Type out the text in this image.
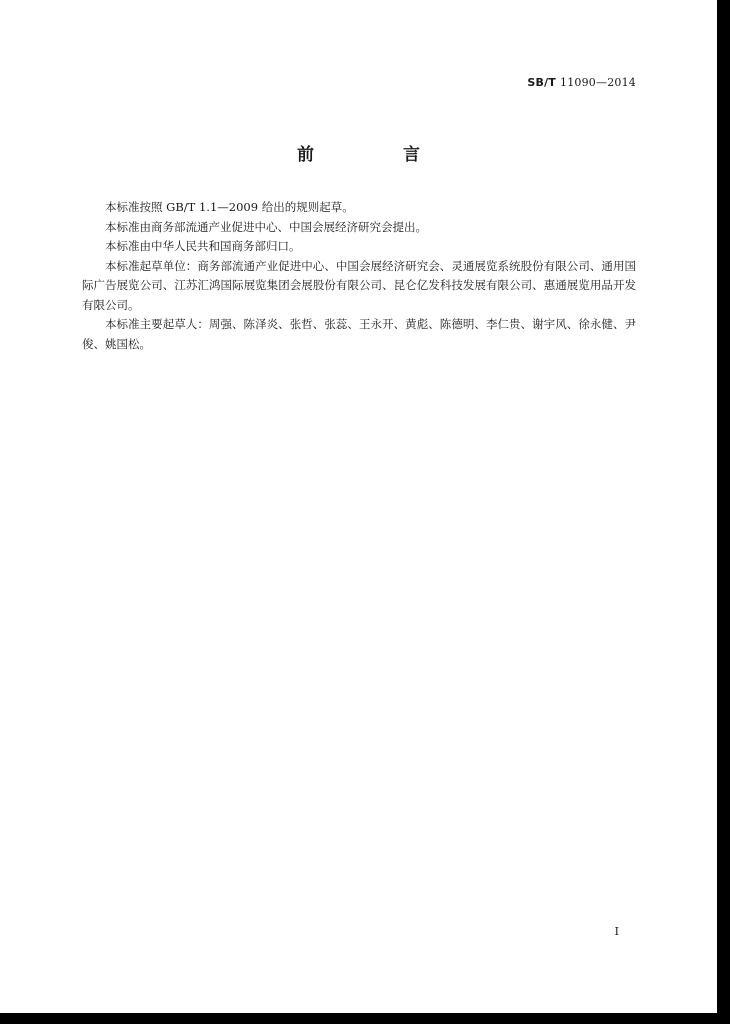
SB/T 11090—2014
前　言

本标准按照 GB/T 1.1—2009 给出的规则起草。

本标准由商务部流通产业促进中心、中国会展经济研究会提出。

本标准由中华人民共和国商务部归口。

本标准起草单位：商务部流通产业促进中心、中国会展经济研究会、灵通展览系统股份有限公司、通用国际广告展览公司、江苏汇鸿国际展览集团会展股份有限公司、昆仑亿发科技发展有限公司、惠通展览用品开发有限公司。

本标准主要起草人：周强、陈泽炎、张哲、张蕊、王永开、黄彪、陈德明、李仁贵、谢宇风、徐永健、尹俊、姚国松。

I
